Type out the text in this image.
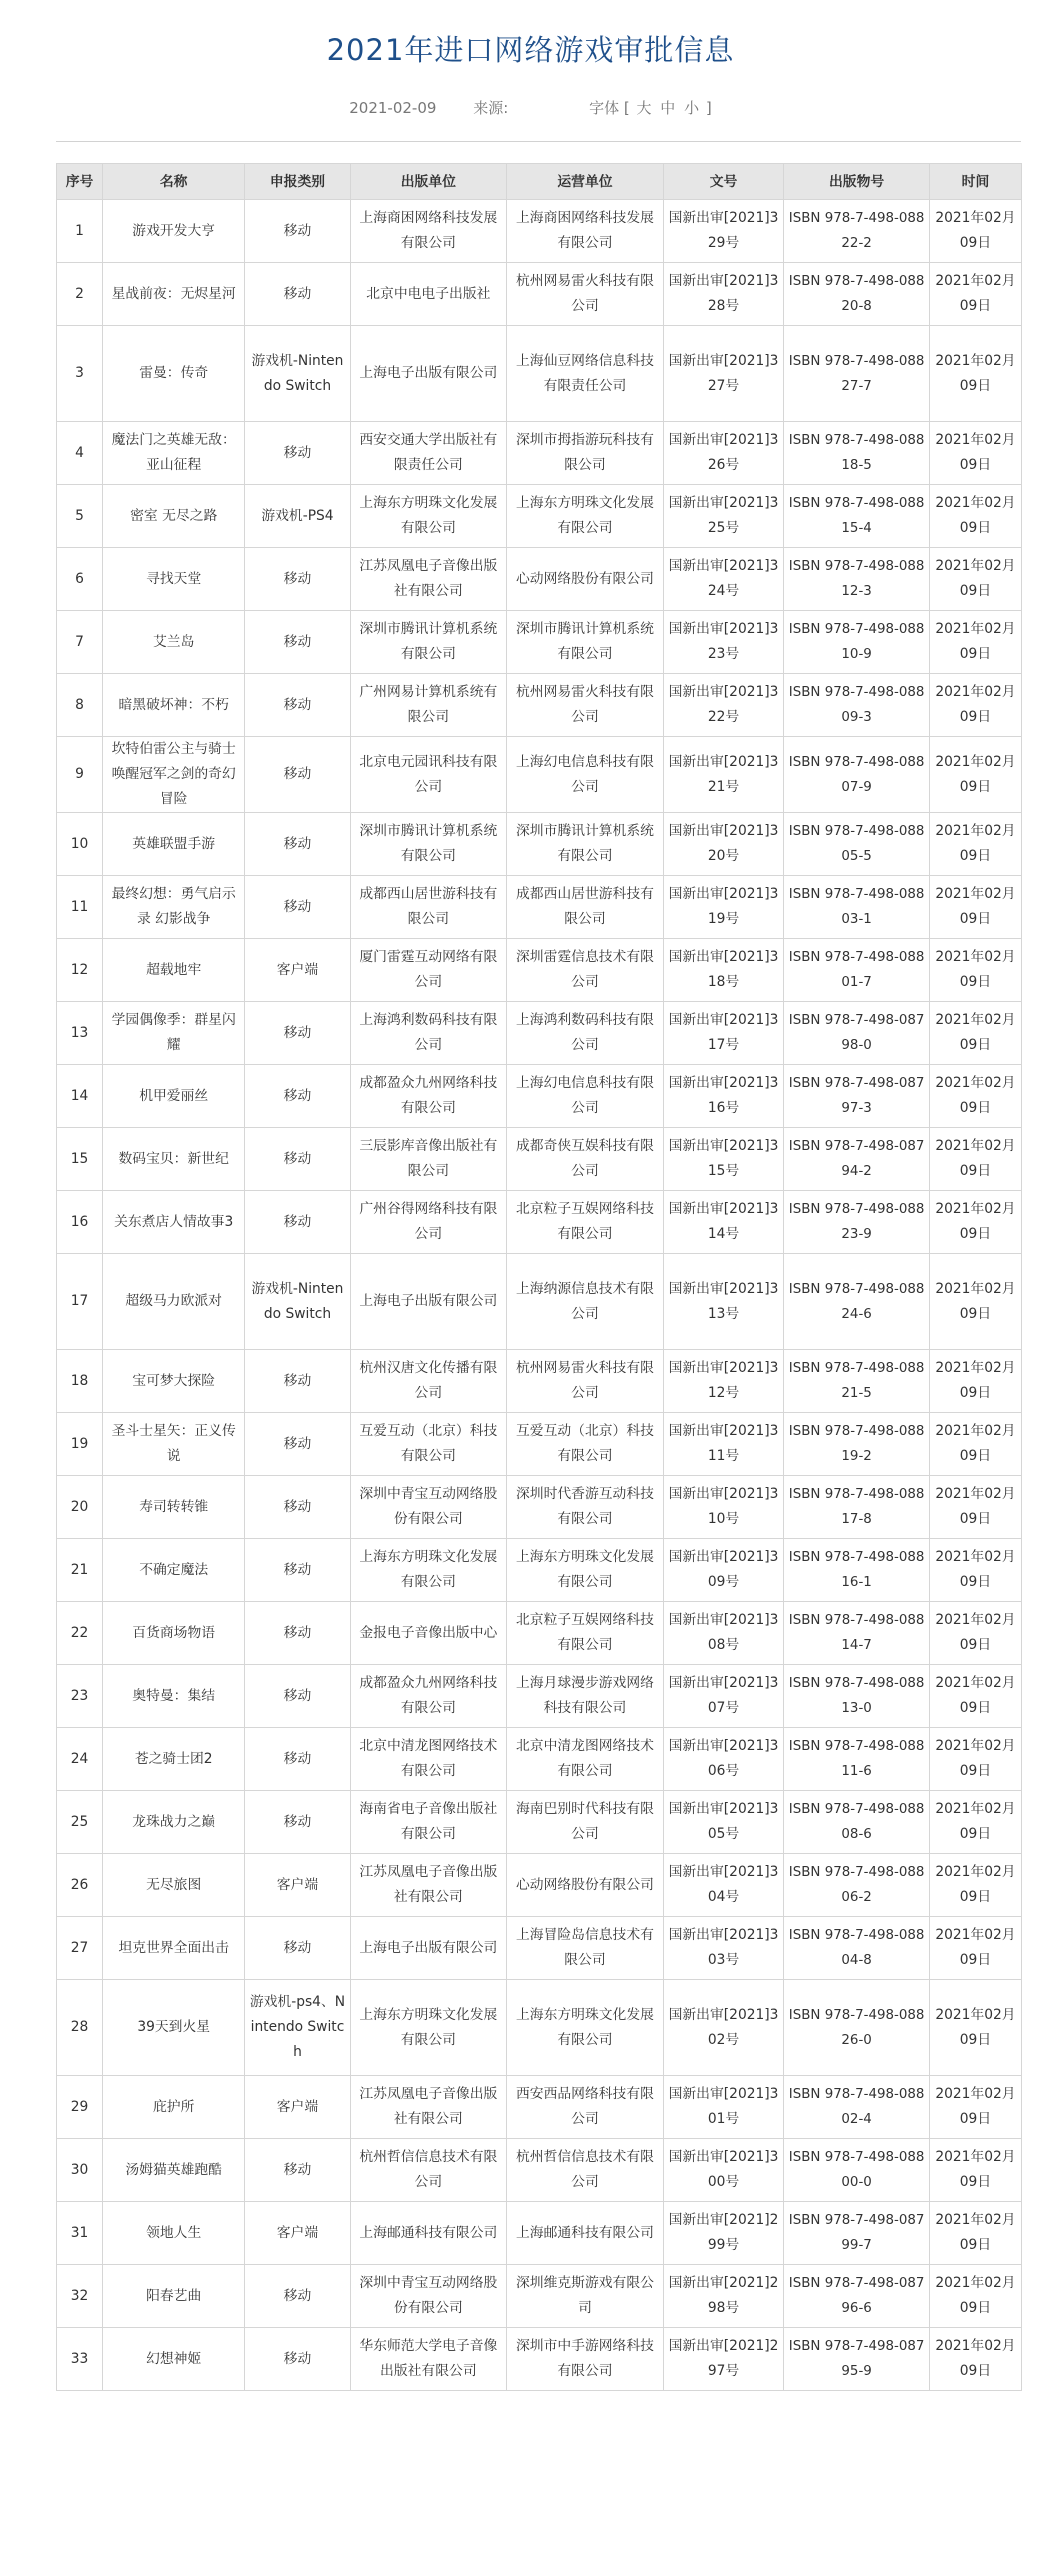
2021年进口网络游戏审批信息
2021-02-09 来源:	字体 [ 大 中 小 ]
序号	名称	申报类别	出版单位	运营单位	文号	出版物号	时间
1	游戏开发大亨	移动	上海商困网络科技发展有限公司	上海商困网络科技发展有限公司	国新出审[2021]329号	ISBN 978-7-498-08822-2	2021年02月09日
2	星战前夜：无烬星河	移动	北京中电电子出版社	杭州网易雷火科技有限公司	国新出审[2021]328号	ISBN 978-7-498-08820-8	2021年02月09日
3	雷曼：传奇	游戏机-Nintendo Switch	上海电子出版有限公司	上海仙豆网络信息科技有限责任公司	国新出审[2021]327号	ISBN 978-7-498-08827-7	2021年02月09日
4	魔法门之英雄无敌：亚山征程	移动	西安交通大学出版社有限责任公司	深圳市拇指游玩科技有限公司	国新出审[2021]326号	ISBN 978-7-498-08818-5	2021年02月09日
5	密室 无尽之路	游戏机-PS4	上海东方明珠文化发展有限公司	上海东方明珠文化发展有限公司	国新出审[2021]325号	ISBN 978-7-498-08815-4	2021年02月09日
6	寻找天堂	移动	江苏凤凰电子音像出版社有限公司	心动网络股份有限公司	国新出审[2021]324号	ISBN 978-7-498-08812-3	2021年02月09日
7	艾兰岛	移动	深圳市腾讯计算机系统有限公司	深圳市腾讯计算机系统有限公司	国新出审[2021]323号	ISBN 978-7-498-08810-9	2021年02月09日
8	暗黑破坏神：不朽	移动	广州网易计算机系统有限公司	杭州网易雷火科技有限公司	国新出审[2021]322号	ISBN 978-7-498-08809-3	2021年02月09日
9	坎特伯雷公主与骑士唤醒冠军之剑的奇幻冒险	移动	北京电元园讯科技有限公司	上海幻电信息科技有限公司	国新出审[2021]321号	ISBN 978-7-498-08807-9	2021年02月09日
10	英雄联盟手游	移动	深圳市腾讯计算机系统有限公司	深圳市腾讯计算机系统有限公司	国新出审[2021]320号	ISBN 978-7-498-08805-5	2021年02月09日
11	最终幻想：勇气启示录 幻影战争	移动	成都西山居世游科技有限公司	成都西山居世游科技有限公司	国新出审[2021]319号	ISBN 978-7-498-08803-1	2021年02月09日
12	超载地牢	客户端	厦门雷霆互动网络有限公司	深圳雷霆信息技术有限公司	国新出审[2021]318号	ISBN 978-7-498-08801-7	2021年02月09日
13	学园偶像季：群星闪耀	移动	上海鸿利数码科技有限公司	上海鸿利数码科技有限公司	国新出审[2021]317号	ISBN 978-7-498-08798-0	2021年02月09日
14	机甲爱丽丝	移动	成都盈众九州网络科技有限公司	上海幻电信息科技有限公司	国新出审[2021]316号	ISBN 978-7-498-08797-3	2021年02月09日
15	数码宝贝：新世纪	移动	三辰影库音像出版社有限公司	成都奇侠互娱科技有限公司	国新出审[2021]315号	ISBN 978-7-498-08794-2	2021年02月09日
16	关东煮店人情故事3	移动	广州谷得网络科技有限公司	北京粒子互娱网络科技有限公司	国新出审[2021]314号	ISBN 978-7-498-08823-9	2021年02月09日
17	超级马力欧派对	游戏机-Nintendo Switch	上海电子出版有限公司	上海纳源信息技术有限公司	国新出审[2021]313号	ISBN 978-7-498-08824-6	2021年02月09日
18	宝可梦大探险	移动	杭州汉唐文化传播有限公司	杭州网易雷火科技有限公司	国新出审[2021]312号	ISBN 978-7-498-08821-5	2021年02月09日
19	圣斗士星矢：正义传说	移动	互爱互动（北京）科技有限公司	互爱互动（北京）科技有限公司	国新出审[2021]311号	ISBN 978-7-498-08819-2	2021年02月09日
20	寿司转转锥	移动	深圳中青宝互动网络股份有限公司	深圳时代香游互动科技有限公司	国新出审[2021]310号	ISBN 978-7-498-08817-8	2021年02月09日
21	不确定魔法	移动	上海东方明珠文化发展有限公司	上海东方明珠文化发展有限公司	国新出审[2021]309号	ISBN 978-7-498-08816-1	2021年02月09日
22	百货商场物语	移动	金报电子音像出版中心	北京粒子互娱网络科技有限公司	国新出审[2021]308号	ISBN 978-7-498-08814-7	2021年02月09日
23	奥特曼：集结	移动	成都盈众九州网络科技有限公司	上海月球漫步游戏网络科技有限公司	国新出审[2021]307号	ISBN 978-7-498-08813-0	2021年02月09日
24	苍之骑士团2	移动	北京中清龙图网络技术有限公司	北京中清龙图网络技术有限公司	国新出审[2021]306号	ISBN 978-7-498-08811-6	2021年02月09日
25	龙珠战力之巅	移动	海南省电子音像出版社有限公司	海南巴别时代科技有限公司	国新出审[2021]305号	ISBN 978-7-498-08808-6	2021年02月09日
26	无尽旅图	客户端	江苏凤凰电子音像出版社有限公司	心动网络股份有限公司	国新出审[2021]304号	ISBN 978-7-498-08806-2	2021年02月09日
27	坦克世界全面出击	移动	上海电子出版有限公司	上海冒险岛信息技术有限公司	国新出审[2021]303号	ISBN 978-7-498-08804-8	2021年02月09日
28	39天到火星	游戏机-ps4、Nintendo Switch	上海东方明珠文化发展有限公司	上海东方明珠文化发展有限公司	国新出审[2021]302号	ISBN 978-7-498-08826-0	2021年02月09日
29	庇护所	客户端	江苏凤凰电子音像出版社有限公司	西安西品网络科技有限公司	国新出审[2021]301号	ISBN 978-7-498-08802-4	2021年02月09日
30	汤姆猫英雄跑酷	移动	杭州哲信信息技术有限公司	杭州哲信信息技术有限公司	国新出审[2021]300号	ISBN 978-7-498-08800-0	2021年02月09日
31	领地人生	客户端	上海邮通科技有限公司	上海邮通科技有限公司	国新出审[2021]299号	ISBN 978-7-498-08799-7	2021年02月09日
32	阳春艺曲	移动	深圳中青宝互动网络股份有限公司	深圳维克斯游戏有限公司	国新出审[2021]298号	ISBN 978-7-498-08796-6	2021年02月09日
33	幻想神姬	移动	华东师范大学电子音像出版社有限公司	深圳市中手游网络科技有限公司	国新出审[2021]297号	ISBN 978-7-498-08795-9	2021年02月09日
